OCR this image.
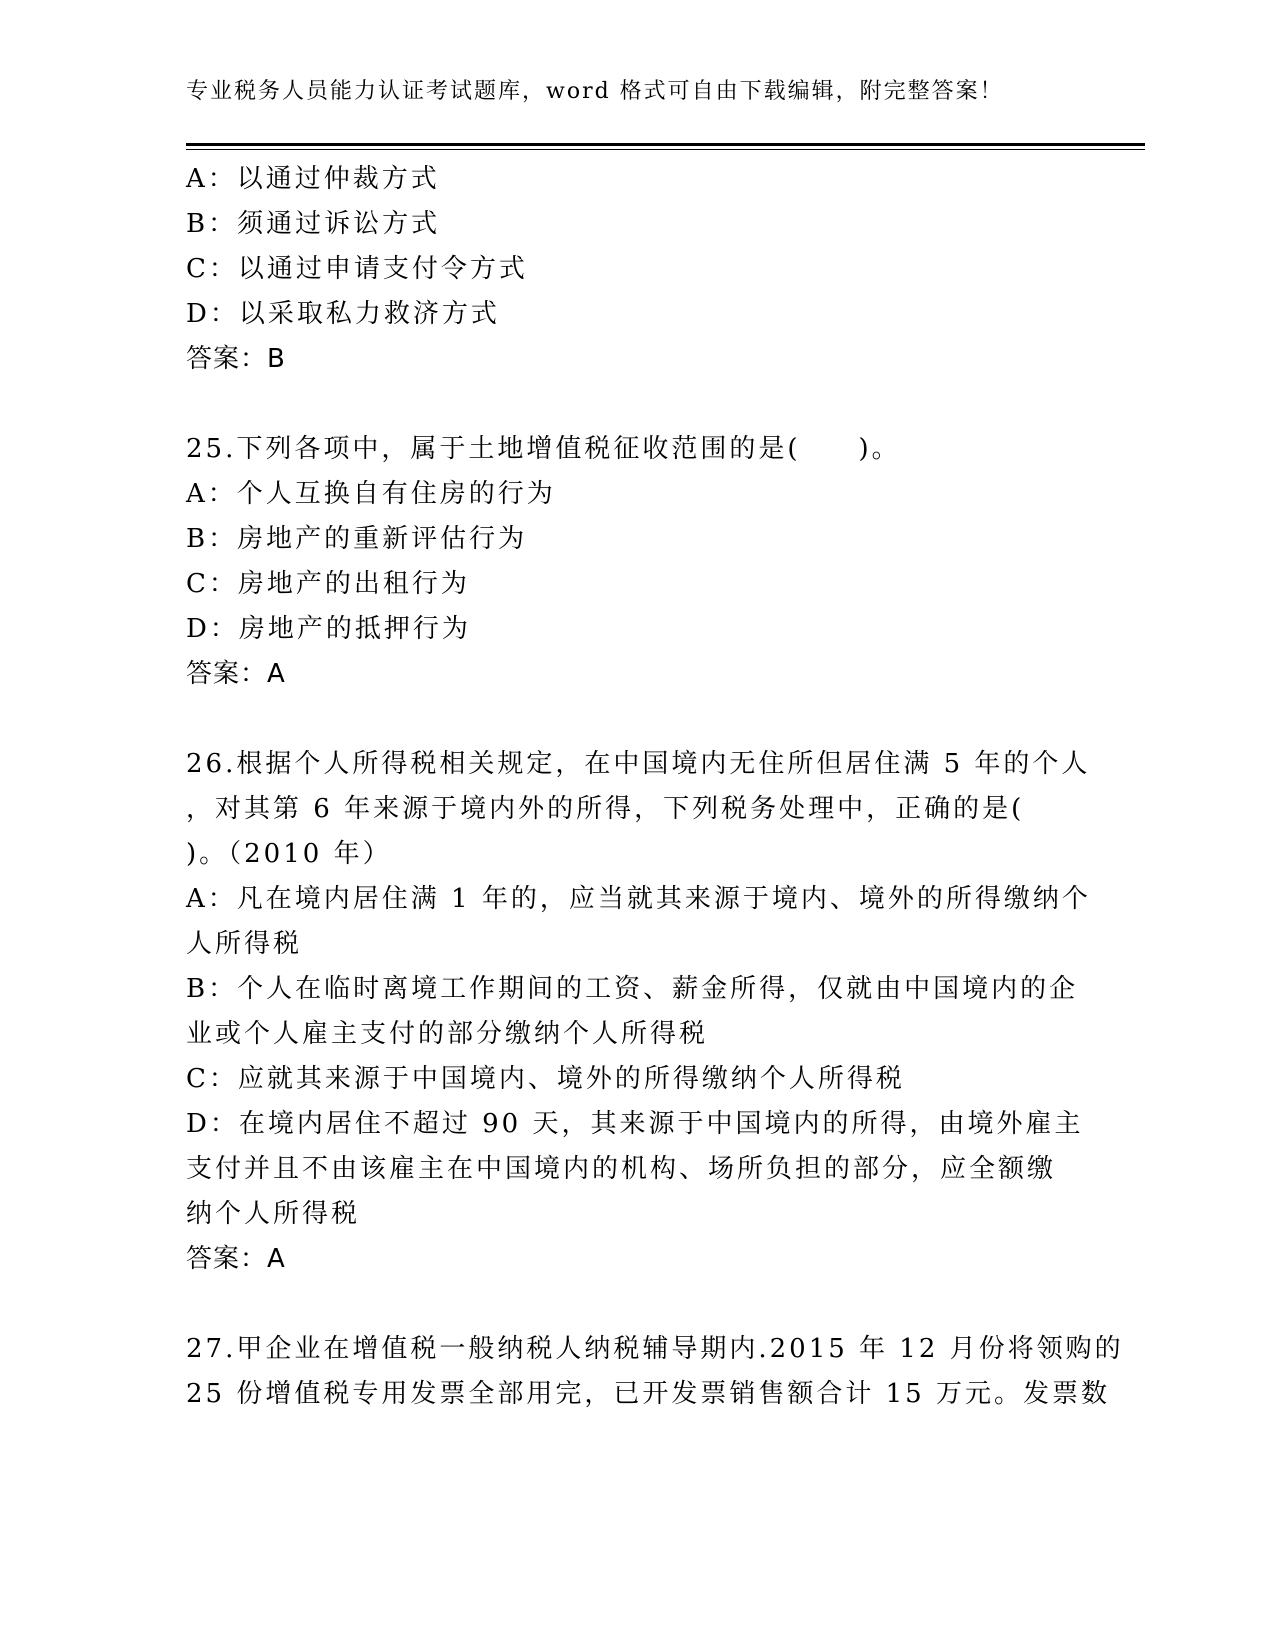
专业税务人员能力认证考试题库，word 格式可自由下载编辑，附完整答案！
A：以通过仲裁方式
B：须通过诉讼方式
C：以通过申请支付令方式
D：以采取私力救济方式
答案：B
25.下列各项中，属于土地增值税征收范围的是(　　)。
A：个人互换自有住房的行为
B：房地产的重新评估行为
C：房地产的出租行为
D：房地产的抵押行为
答案：A
26.根据个人所得税相关规定，在中国境内无住所但居住满 5 年的个人
，对其第 6 年来源于境内外的所得，下列税务处理中，正确的是(
)。（2010 年）
A：凡在境内居住满 1 年的，应当就其来源于境内、境外的所得缴纳个
人所得税
B：个人在临时离境工作期间的工资、薪金所得，仅就由中国境内的企
业或个人雇主支付的部分缴纳个人所得税
C：应就其来源于中国境内、境外的所得缴纳个人所得税
D：在境内居住不超过 90 天，其来源于中国境内的所得，由境外雇主
支付并且不由该雇主在中国境内的机构、场所负担的部分，应全额缴
纳个人所得税
答案：A
27.甲企业在增值税一般纳税人纳税辅导期内.2015 年 12 月份将领购的
25 份增值税专用发票全部用完，已开发票销售额合计 15 万元。发票数
